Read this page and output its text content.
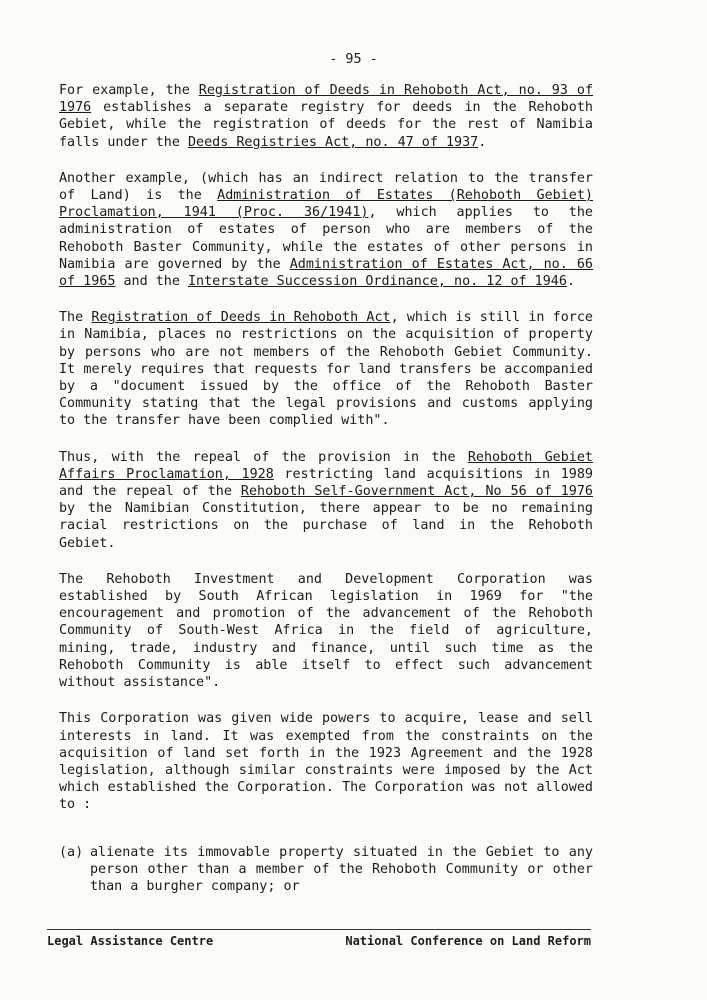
- 95 -

For example, the Registration of Deeds in Rehoboth Act, no. 93 of 1976 establishes a separate registry for deeds in the Rehoboth Gebiet, while the registration of deeds for the rest of Namibia falls under the Deeds Registries Act, no. 47 of 1937.

Another example, (which has an indirect relation to the transfer of Land) is the Administration of Estates (Rehoboth Gebiet) Proclamation, 1941 (Proc. 36/1941), which applies to the administration of estates of person who are members of the Rehoboth Baster Community, while the estates of other persons in Namibia are governed by the Administration of Estates Act, no. 66 of 1965 and the Interstate Succession Ordinance, no. 12 of 1946.

The Registration of Deeds in Rehoboth Act, which is still in force in Namibia, places no restrictions on the acquisition of property by persons who are not members of the Rehoboth Gebiet Community. It merely requires that requests for land transfers be accompanied by a "document issued by the office of the Rehoboth Baster Community stating that the legal provisions and customs applying to the transfer have been complied with".

Thus, with the repeal of the provision in the Rehoboth Gebiet Affairs Proclamation, 1928 restricting land acquisitions in 1989 and the repeal of the Rehoboth Self-Government Act, No 56 of 1976 by the Namibian Constitution, there appear to be no remaining racial restrictions on the purchase of land in the Rehoboth Gebiet.

The Rehoboth Investment and Development Corporation was established by South African legislation in 1969 for "the encouragement and promotion of the advancement of the Rehoboth Community of South-West Africa in the field of agriculture, mining, trade, industry and finance, until such time as the Rehoboth Community is able itself to effect such advancement without assistance".

This Corporation was given wide powers to acquire, lease and sell interests in land. It was exempted from the constraints on the acquisition of land set forth in the 1923 Agreement and the 1928 legislation, although similar constraints were imposed by the Act which established the Corporation. The Corporation was not allowed to :

(a) alienate its immovable property situated in the Gebiet to any person other than a member of the Rehoboth Community or other than a burgher company; or
Legal Assistance Centre	National Conference on Land Reform
